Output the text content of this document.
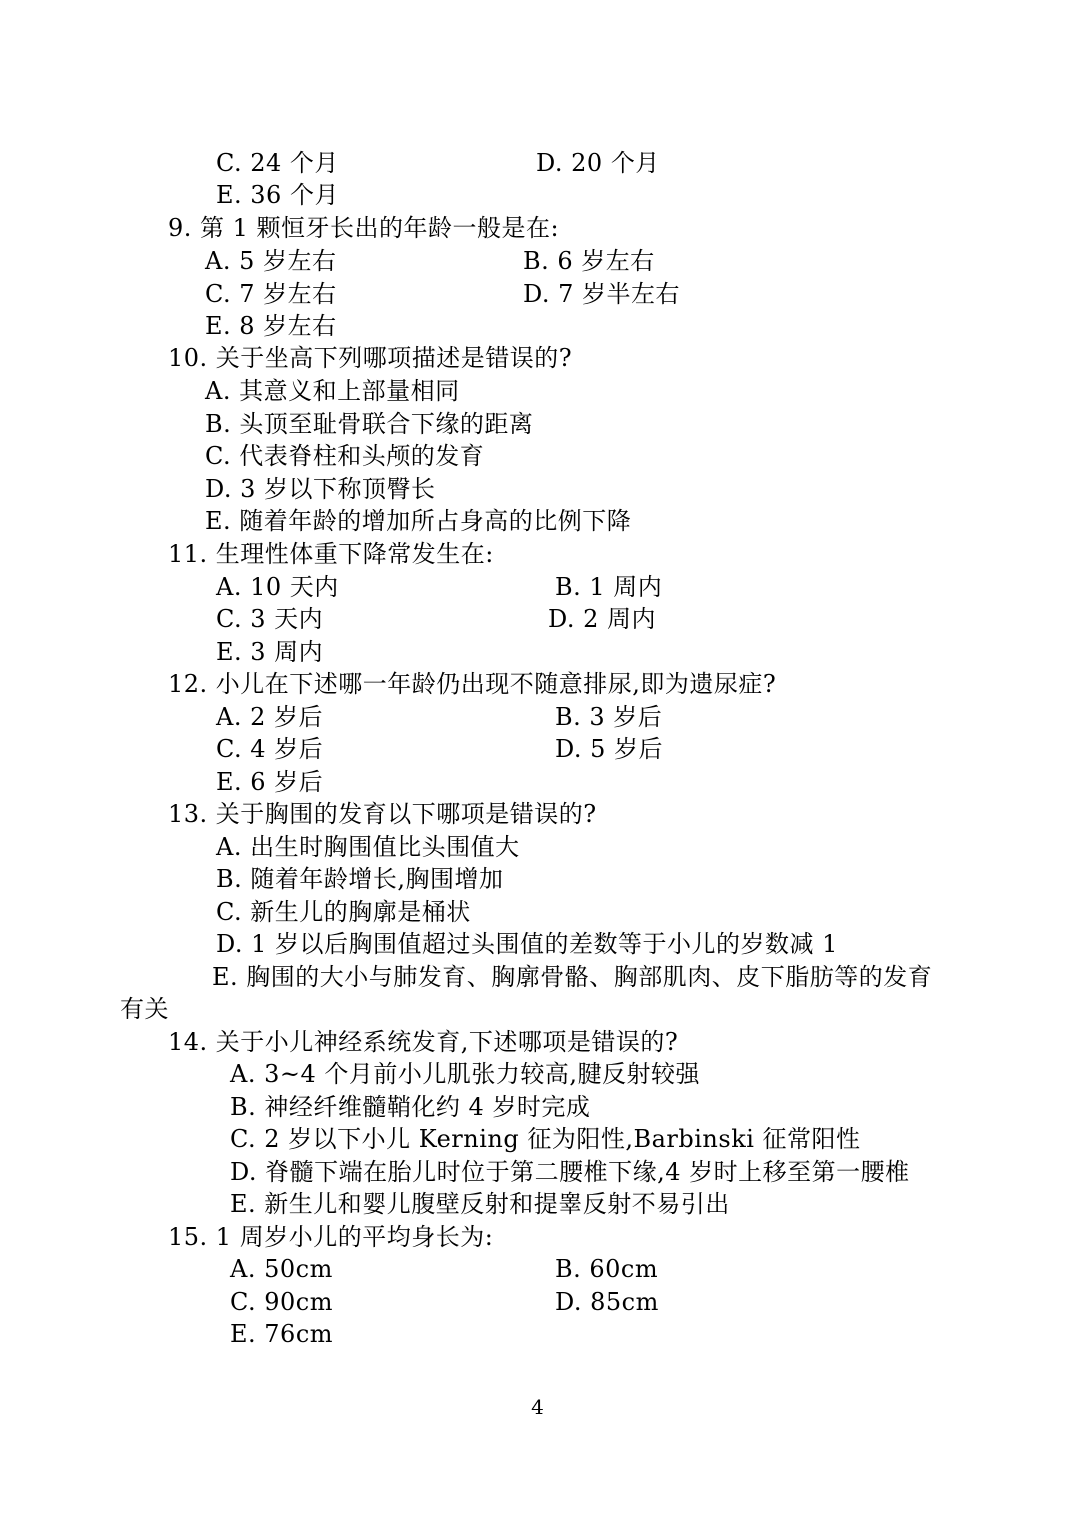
C. 24 个月	D. 20 个月
E. 36 个月
9. 第 1 颗恒牙长出的年龄一般是在:
A. 5 岁左右	B. 6 岁左右
C. 7 岁左右	D. 7 岁半左右
E. 8 岁左右
10. 关于坐高下列哪项描述是错误的?
A. 其意义和上部量相同
B. 头顶至耻骨联合下缘的距离
C. 代表脊柱和头颅的发育
D. 3 岁以下称顶臀长
E. 随着年龄的增加所占身高的比例下降
11. 生理性体重下降常发生在:
A. 10 天内	B. 1 周内
C. 3 天内	D. 2 周内
E. 3 周内
12. 小儿在下述哪一年龄仍出现不随意排尿,即为遗尿症?
A. 2 岁后	B. 3 岁后
C. 4 岁后	D. 5 岁后
E. 6 岁后
13. 关于胸围的发育以下哪项是错误的?
A. 出生时胸围值比头围值大
B. 随着年龄增长,胸围增加
C. 新生儿的胸廓是桶状
D. 1 岁以后胸围值超过头围值的差数等于小儿的岁数减 1
E. 胸围的大小与肺发育、胸廓骨骼、胸部肌肉、皮下脂肪等的发育
有关
14. 关于小儿神经系统发育,下述哪项是错误的?
A. 3~4 个月前小儿肌张力较高,腱反射较强
B. 神经纤维髓鞘化约 4 岁时完成
C. 2 岁以下小儿 Kerning 征为阳性,Barbinski 征常阳性
D. 脊髓下端在胎儿时位于第二腰椎下缘,4 岁时上移至第一腰椎
E. 新生儿和婴儿腹壁反射和提睾反射不易引出
15. 1 周岁小儿的平均身长为:
A. 50cm	B. 60cm
C. 90cm	D. 85cm
E. 76cm
4
